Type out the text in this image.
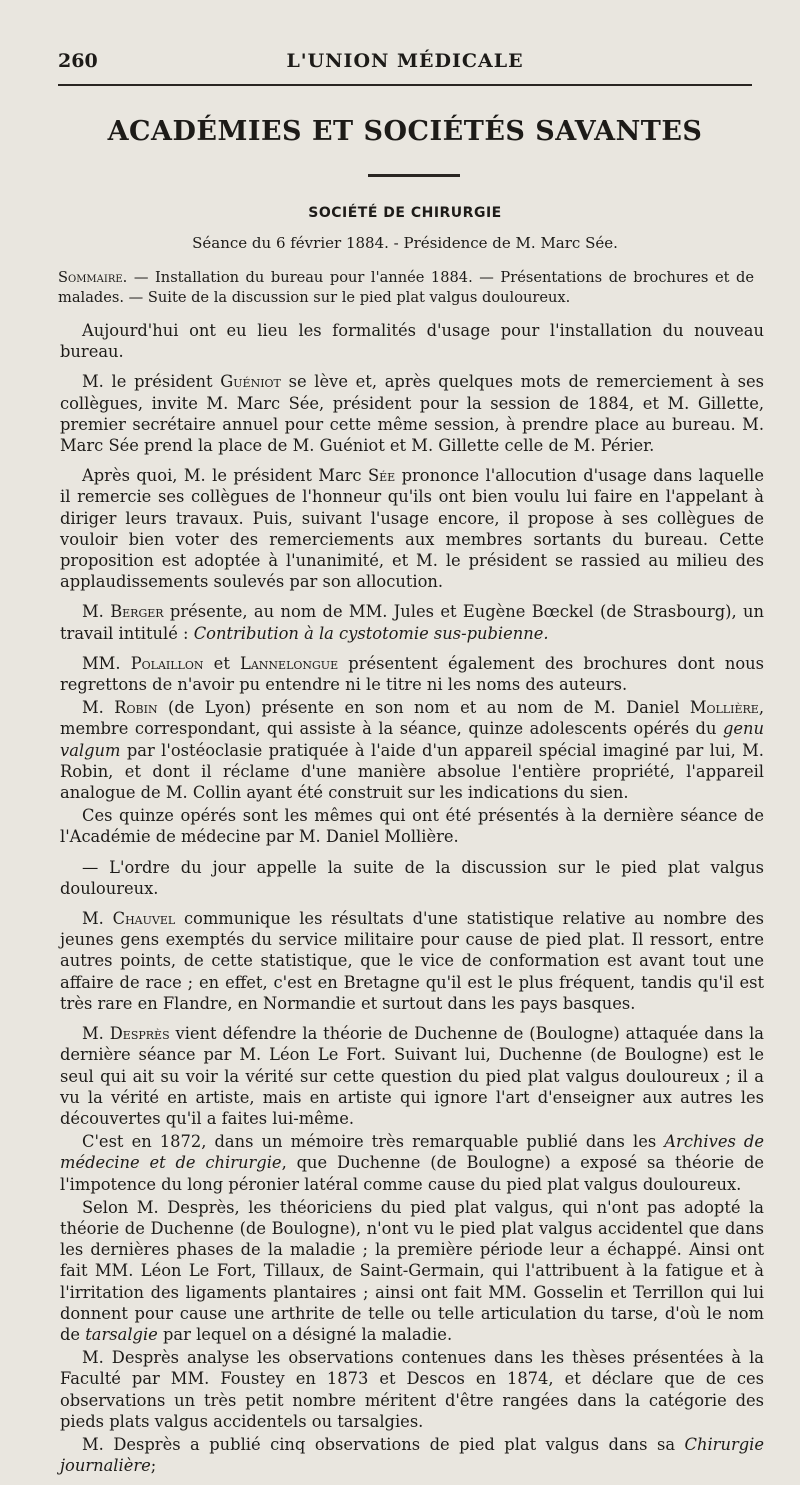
260	L'UNION MÉDICALE
ACADÉMIES ET SOCIÉTÉS SAVANTES
SOCIÉTÉ DE CHIRURGIE
Séance du 6 février 1884. - Présidence de M. Marc Sée.
Sommaire. — Installation du bureau pour l'année 1884. — Présentations de brochures et de malades. — Suite de la discussion sur le pied plat valgus douloureux.

Aujourd'hui ont eu lieu les formalités d'usage pour l'installation du nouveau bureau.

M. le président Guéniot se lève et, après quelques mots de remerciement à ses collègues, invite M. Marc Sée, président pour la session de 1884, et M. Gillette, premier secrétaire annuel pour cette même session, à prendre place au bureau. M. Marc Sée prend la place de M. Guéniot et M. Gillette celle de M. Périer.

Après quoi, M. le président Marc Sée prononce l'allocution d'usage dans laquelle il remercie ses collègues de l'honneur qu'ils ont bien voulu lui faire en l'appelant à diriger leurs travaux. Puis, suivant l'usage encore, il propose à ses collègues de vouloir bien voter des remerciements aux membres sortants du bureau. Cette proposition est adoptée à l'unanimité, et M. le président se rassied au milieu des applaudissements soulevés par son allocution.

M. Berger présente, au nom de MM. Jules et Eugène Bœckel (de Strasbourg), un travail intitulé : Contribution à la cystotomie sus-pubienne.

MM. Polaillon et Lannelongue présentent également des brochures dont nous regrettons de n'avoir pu entendre ni le titre ni les noms des auteurs.

M. Robin (de Lyon) présente en son nom et au nom de M. Daniel Mollière, membre correspondant, qui assiste à la séance, quinze adolescents opérés du genu valgum par l'ostéoclasie pratiquée à l'aide d'un appareil spécial imaginé par lui, M. Robin, et dont il réclame d'une manière absolue l'entière propriété, l'appareil analogue de M. Collin ayant été construit sur les indications du sien.

Ces quinze opérés sont les mêmes qui ont été présentés à la dernière séance de l'Académie de médecine par M. Daniel Mollière.

— L'ordre du jour appelle la suite de la discussion sur le pied plat valgus douloureux.

M. Chauvel communique les résultats d'une statistique relative au nombre des jeunes gens exemptés du service militaire pour cause de pied plat. Il ressort, entre autres points, de cette statistique, que le vice de conformation est avant tout une affaire de race ; en effet, c'est en Bretagne qu'il est le plus fréquent, tandis qu'il est très rare en Flandre, en Normandie et surtout dans les pays basques.

M. Desprès vient défendre la théorie de Duchenne de (Boulogne) attaquée dans la dernière séance par M. Léon Le Fort. Suivant lui, Duchenne (de Boulogne) est le seul qui ait su voir la vérité sur cette question du pied plat valgus douloureux ; il a vu la vérité en artiste, mais en artiste qui ignore l'art d'enseigner aux autres les découvertes qu'il a faites lui-même.

C'est en 1872, dans un mémoire très remarquable publié dans les Archives de médecine et de chirurgie, que Duchenne (de Boulogne) a exposé sa théorie de l'impotence du long péronier latéral comme cause du pied plat valgus douloureux.

Selon M. Desprès, les théoriciens du pied plat valgus, qui n'ont pas adopté la théorie de Duchenne (de Boulogne), n'ont vu le pied plat valgus accidentel que dans les dernières phases de la maladie ; la première période leur a échappé. Ainsi ont fait MM. Léon Le Fort, Tillaux, de Saint-Germain, qui l'attribuent à la fatigue et à l'irritation des ligaments plantaires ; ainsi ont fait MM. Gosselin et Terrillon qui lui donnent pour cause une arthrite de telle ou telle articulation du tarse, d'où le nom de tarsalgie par lequel on a désigné la maladie.

M. Desprès analyse les observations contenues dans les thèses présentées à la Faculté par MM. Foustey en 1873 et Descos en 1874, et déclare que de ces observations un très petit nombre méritent d'être rangées dans la catégorie des pieds plats valgus accidentels ou tarsalgies.

M. Desprès a publié cinq observations de pied plat valgus dans sa Chirurgie journalière;
